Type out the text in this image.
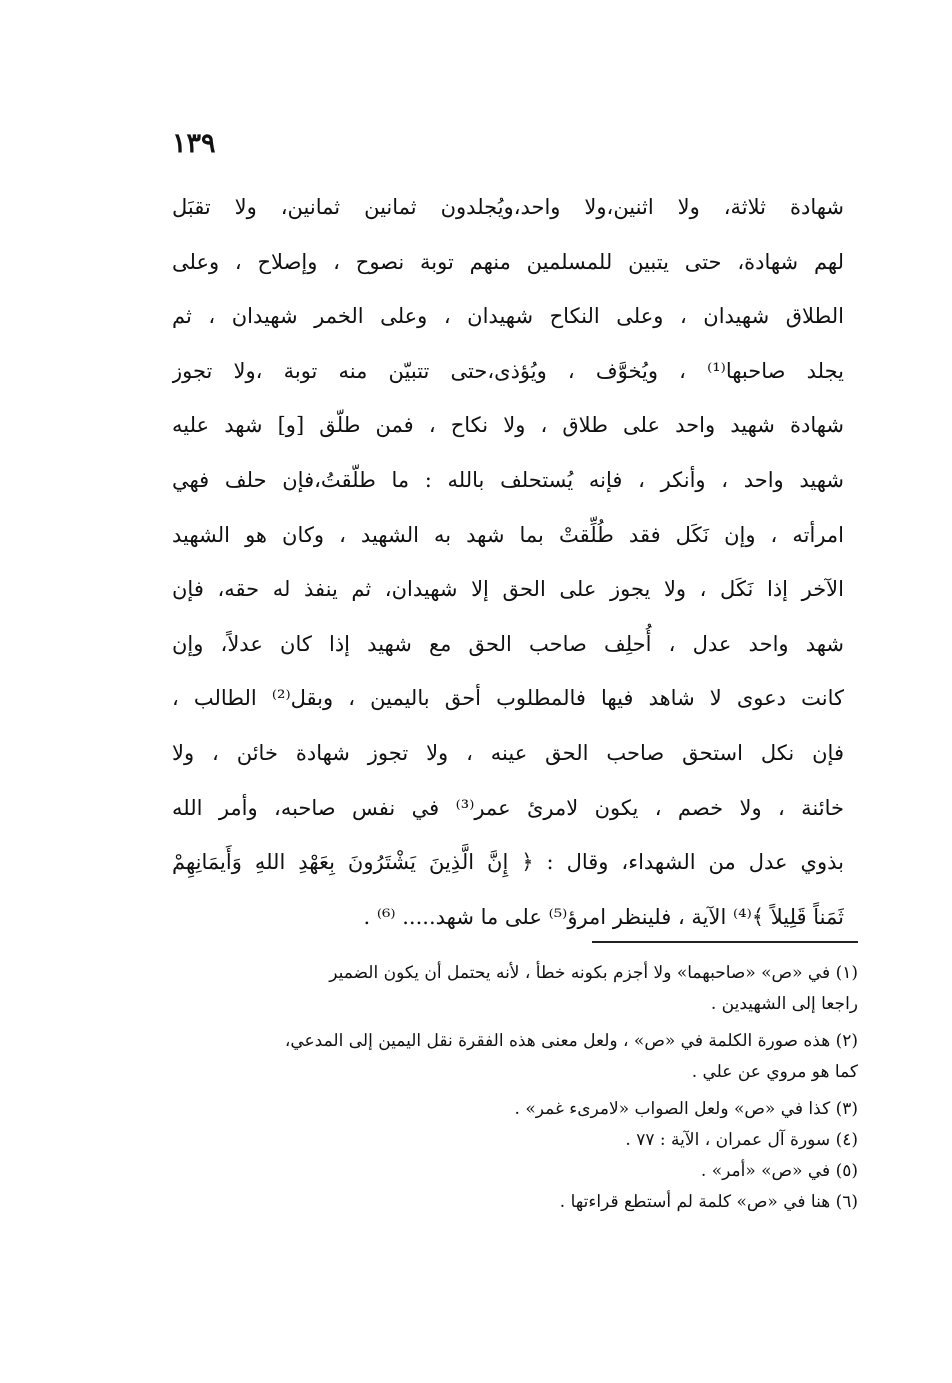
١٣٩
شهادة ثلاثة، ولا اثنين،ولا واحد،ويُجلدون ثمانين ثمانين، ولا تقبَل
لهم شهادة، حتى يتبين للمسلمين منهم توبة نصوح ، وإصلاح ، وعلى
الطلاق شهيدان ، وعلى النكاح شهيدان ، وعلى الخمر شهيدان ، ثم
يجلد صاحبها⁽¹⁾ ، ويُخوَّف ، ويُؤذى،حتى تتبيّن منه توبة ،ولا تجوز
شهادة شهيد واحد على طلاق ، ولا نكاح ، فمن طلّق [و] شهد عليه
شهيد واحد ، وأنكر ، فإنه يُستحلف بالله : ما طلّقتُ،فإن حلف فهي
امرأته ، وإن نَكَل فقد طُلِّقتْ بما شهد به الشهيد ، وكان هو الشهيد
الآخر إذا نَكَل ، ولا يجوز على الحق إلا شهيدان، ثم ينفذ له حقه، فإن
شهد واحد عدل ، أُحلِف صاحب الحق مع شهيد إذا كان عدلاً، وإن
كانت دعوى لا شاهد فيها فالمطلوب أحق باليمين ، وبقل⁽²⁾ الطالب ،
فإن نكل استحق صاحب الحق عينه ، ولا تجوز شهادة خائن ، ولا
خائنة ، ولا خصم ، يكون لامرئ عمر⁽³⁾ في نفس صاحبه، وأمر الله
بذوي عدل من الشهداء، وقال : ﴿ إِنَّ الَّذِينَ يَشْتَرُونَ بِعَهْدِ اللهِ وَأَيمَانِهِمْ
ثَمَناً قَلِيلاً ﴾⁽⁴⁾ الآية ، فلينظر امرؤ⁽⁵⁾ على ما شهد..... ⁽⁶⁾ .
(١) في «ص» «صاحبهما» ولا أجزم بكونه خطأ ، لأنه يحتمل أن يكون الضمير
راجعا إلى الشهيدين .
(٢) هذه صورة الكلمة في «ص» ، ولعل معنى هذه الفقرة نقل اليمين إلى المدعي،
كما هو مروي عن علي .
(٣) كذا في «ص» ولعل الصواب «لامرىء غمر» .
(٤) سورة آل عمران ، الآية : ٧٧ .
(٥) في «ص» «أمر» .
(٦) هنا في «ص» كلمة لم أستطع قراءتها .
